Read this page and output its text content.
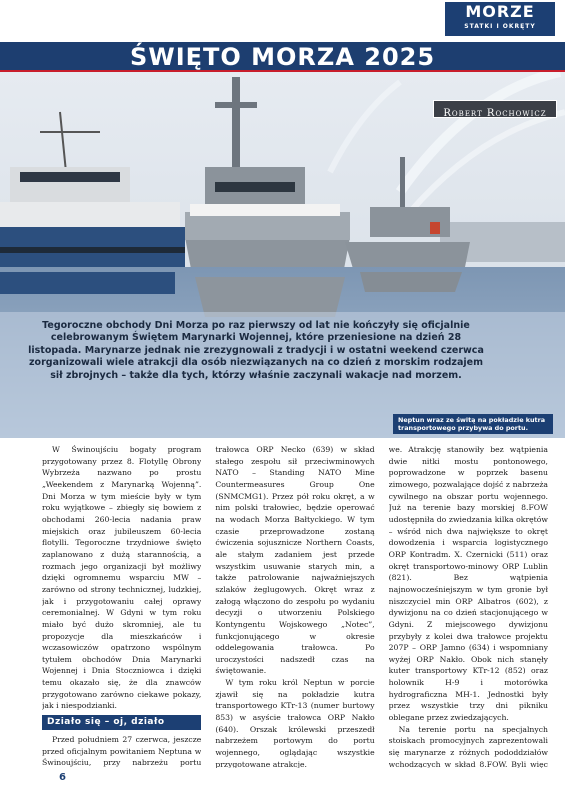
MORZE
STATKI I OKRĘTY
ŚWIĘTO MORZA 2025
Robert Rochowicz
Tegoroczne obchody Dni Morza po raz pierwszy od lat nie kończyły się oficjalnie celebrowanym Świętem Marynarki Wojennej, które przeniesione na dzień 28 listopada. Marynarze jednak nie zrezygnowali z tradycji i w ostatni weekend czerwca zorganizowali wiele atrakcji dla osób niezwiązanych na co dzień z morskim rodzajem sił zbrojnych – także dla tych, którzy właśnie zaczynali wakacje nad morzem.
Neptun wraz ze świtą na pokładzie kutra transportowego przybywa do portu.

W Świnoujściu bogaty program przygotowany przez 8. Flotyllę Obrony Wybrzeża nazwano po prostu „Weekendem z Marynarką Wojenną”. Dni Morza w tym mieście były w tym roku wyjątkowe – zbiegły się bowiem z obchodami 260-lecia nadania praw miejskich oraz jubileuszem 60-lecia flotylli. Tegoroczne trzydniowe święto zaplanowano z dużą starannością, a rozmach jego organizacji był możliwy dzięki ogromnemu wsparciu MW – zarówno od strony technicznej, ludzkiej, jak i przygotowaniu całej oprawy ceremonialnej. W Gdyni w tym roku miało być dużo skromniej, ale tu propozycje dla mieszkańców i wczasowiczów opatrzono wspólnym tytułem obchodów Dnia Marynarki Wojennej i Dnia Stoczniowca i dzięki temu okazało się, że dla znawców przygotowano zarówno ciekawe pokazy, jak i niespodzianki.

Działo się – oj, działo

Przed południem 27 czerwca, jeszcze przed oficjalnym powitaniem Neptuna w Świnoujściu, przy nabrzeżu portu

trałowca ORP Necko (639) w skład stałego zespołu sił przeciwminowych NATO – Standing NATO Mine Countermeasures Group One (SNMCMG1). Przez pół roku okręt, a w nim polski trałowiec, będzie operować na wodach Morza Bałtyckiego. W tym czasie przeprowadzone zostaną ćwiczenia sojusznicze Northern Coasts, ale stałym zadaniem jest przede wszystkim usuwanie starych min, a także patrolowanie najważniejszych szlaków żeglugowych. Okręt wraz z załogą włączono do zespołu po wydaniu decyzji o utworzeniu Polskiego Kontyngentu Wojskowego „Notec”, funkcjonującego w okresie oddelegowania trałowca. Po uroczystości nadszedł czas na świętowanie.

W tym roku król Neptun w porcie zjawił się na pokładzie kutra transportowego KTr-13 (numer burtowy 853) w asyście trałowca ORP Nakło (640). Orszak królewski przeszedł nabrzeżem portowym do portu wojennego, oglądając wszystkie przygotowane atrakcje.

we. Atrakcję stanowiły bez wątpienia dwie nitki mostu pontonowego, poprowadzone w poprzek basenu zimowego, pozwalające dojść z nabrzeża cywilnego na obszar portu wojennego. Już na terenie bazy morskiej 8.FOW udostępniła do zwiedzania kilka okrętów – wśród nich dwa największe to okręt dowodzenia i wsparcia logistycznego ORP Kontradm. X. Czernicki (511) oraz okręt transportowo-minowy ORP Lublin (821). Bez wątpienia najnowocześniejszym w tym gronie był niszczyciel min ORP Albatros (602), z dywizjonu na co dzień stacjonującego w Gdyni. Z miejscowego dywizjonu przybyły z kolei dwa trałowce projektu 207P – ORP Jamno (634) i wspomniany wyżej ORP Nakło. Obok nich stanęły kuter transportowy KTr-12 (852) oraz holownik H-9 i motorówka hydrograficzna MH-1. Jednostki były przez wszystkie trzy dni pikniku oblegane przez zwiedzających.

Na terenie portu na specjalnych stoiskach promocyjnych zaprezentowali się marynarze z różnych pododdziałów wchodzących w skład 8.FOW. Byli więc

6
